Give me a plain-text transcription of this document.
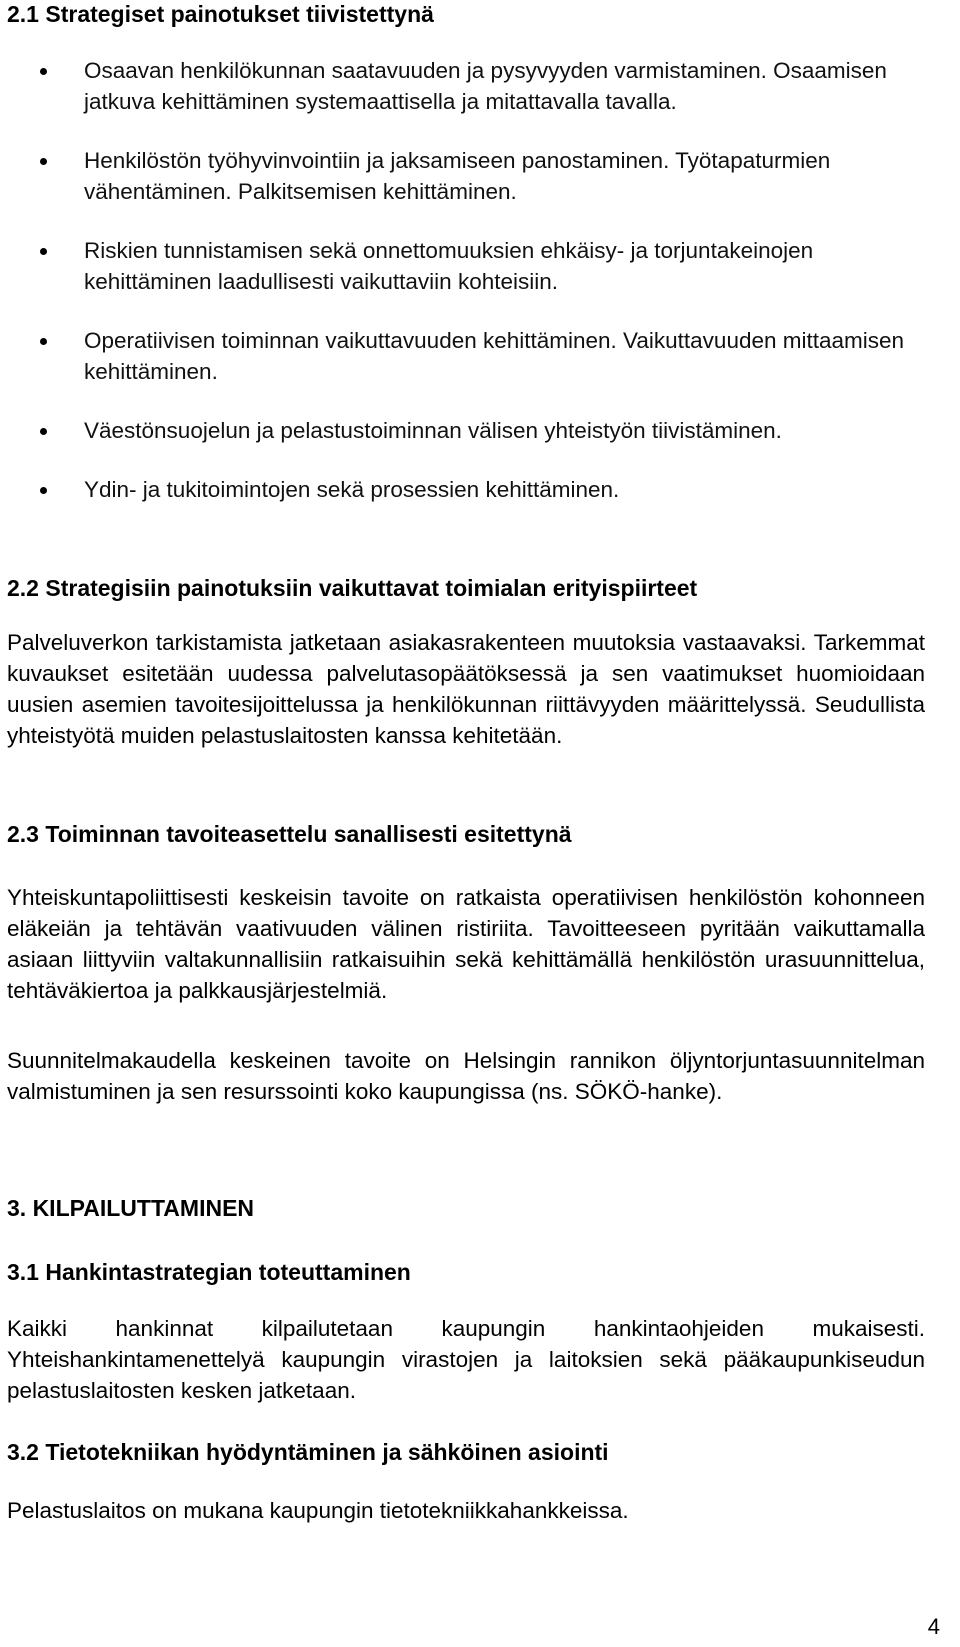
2.1 Strategiset painotukset tiivistettynä
Osaavan henkilökunnan saatavuuden ja pysyvyyden varmistaminen. Osaamisen jatkuva kehittäminen systemaattisella ja mitattavalla tavalla.
Henkilöstön työhyvinvointiin ja jaksamiseen panostaminen. Työtapaturmien vähentäminen. Palkitsemisen kehittäminen.
Riskien tunnistamisen sekä onnettomuuksien ehkäisy- ja torjuntakeinojen kehittäminen laadullisesti vaikuttaviin kohteisiin.
Operatiivisen toiminnan vaikuttavuuden kehittäminen. Vaikuttavuuden mittaamisen kehittäminen.
Väestönsuojelun ja pelastustoiminnan välisen yhteistyön tiivistäminen.
Ydin- ja tukitoimintojen sekä prosessien kehittäminen.
2.2 Strategisiin painotuksiin vaikuttavat toimialan erityispiirteet

Palveluverkon tarkistamista jatketaan asiakasrakenteen muutoksia vastaavaksi. Tarkemmat kuvaukset esitetään uudessa palvelutasopäätöksessä ja sen vaatimukset huomioidaan uusien asemien tavoitesijoittelussa ja henkilökunnan riittävyyden määrittelyssä. Seudullista yhteistyötä muiden pelastuslaitosten kanssa kehitetään.

2.3 Toiminnan tavoiteasettelu sanallisesti esitettynä

Yhteiskuntapoliittisesti keskeisin tavoite on ratkaista operatiivisen henkilöstön kohonneen eläkeiän ja tehtävän vaativuuden välinen ristiriita. Tavoitteeseen pyritään vaikuttamalla asiaan liittyviin valtakunnallisiin ratkaisuihin sekä kehittämällä henkilöstön urasuunnittelua, tehtäväkiertoa ja palkkausjärjestelmiä.

Suunnitelmakaudella keskeinen tavoite on Helsingin rannikon öljyntorjuntasuunnitelman valmistuminen ja sen resurssointi koko kaupungissa (ns. SÖKÖ-hanke).

3. KILPAILUTTAMINEN
3.1 Hankintastrategian toteuttaminen

Kaikki hankinnat kilpailutetaan kaupungin hankintaohjeiden mukaisesti. Yhteishankintamenettelyä kaupungin virastojen ja laitoksien sekä pääkaupunkiseudun pelastuslaitosten kesken jatketaan.

3.2 Tietotekniikan hyödyntäminen ja sähköinen asiointi

Pelastuslaitos on mukana kaupungin tietotekniikkahankkeissa.

4
